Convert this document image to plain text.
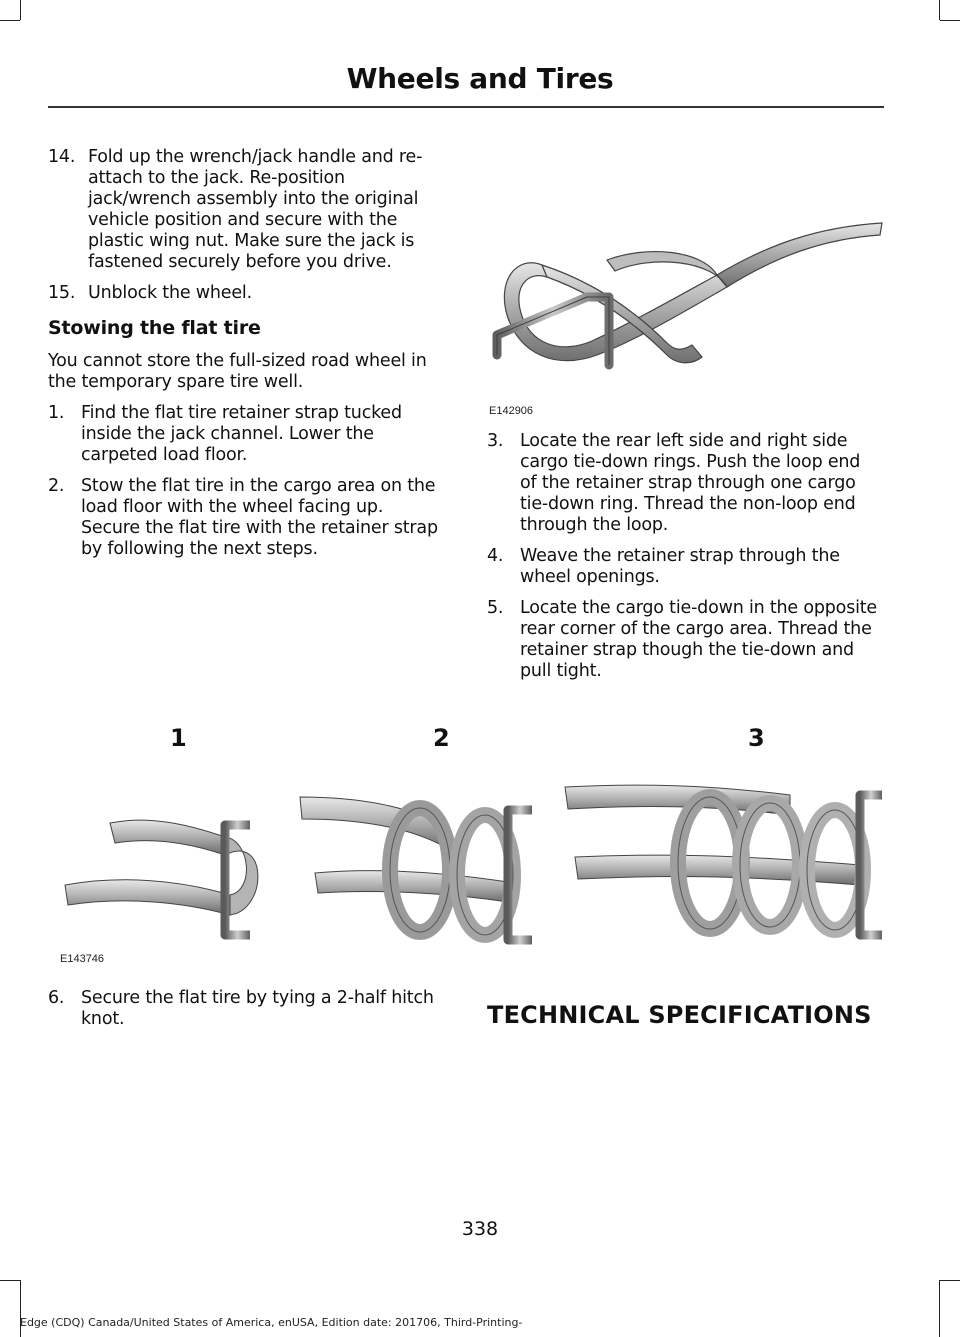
Wheels and Tires
14. Fold up the wrench/jack handle and re-attach to the jack. Re-position jack/wrench assembly into the original vehicle position and secure with the plastic wing nut. Make sure the jack is fastened securely before you drive.
15. Unblock the wheel.
Stowing the flat tire
You cannot store the full-sized road wheel in the temporary spare tire well.
1. Find the flat tire retainer strap tucked inside the jack channel. Lower the carpeted load floor.
2. Stow the flat tire in the cargo area on the load floor with the wheel facing up. Secure the flat tire with the retainer strap by following the next steps.
E142906
3. Locate the rear left side and right side cargo tie-down rings. Push the loop end of the retainer strap through one cargo tie-down ring. Thread the non-loop end through the loop.
4. Weave the retainer strap through the wheel openings.
5. Locate the cargo tie-down in the opposite rear corner of the cargo area. Thread the retainer strap though the tie-down and pull tight.
1	2	3
E143746
6. Secure the flat tire by tying a 2-half hitch knot.	TECHNICAL SPECIFICATIONS
338
Edge (CDQ) Canada/United States of America, enUSA, Edition date: 201706, Third-Printing-
